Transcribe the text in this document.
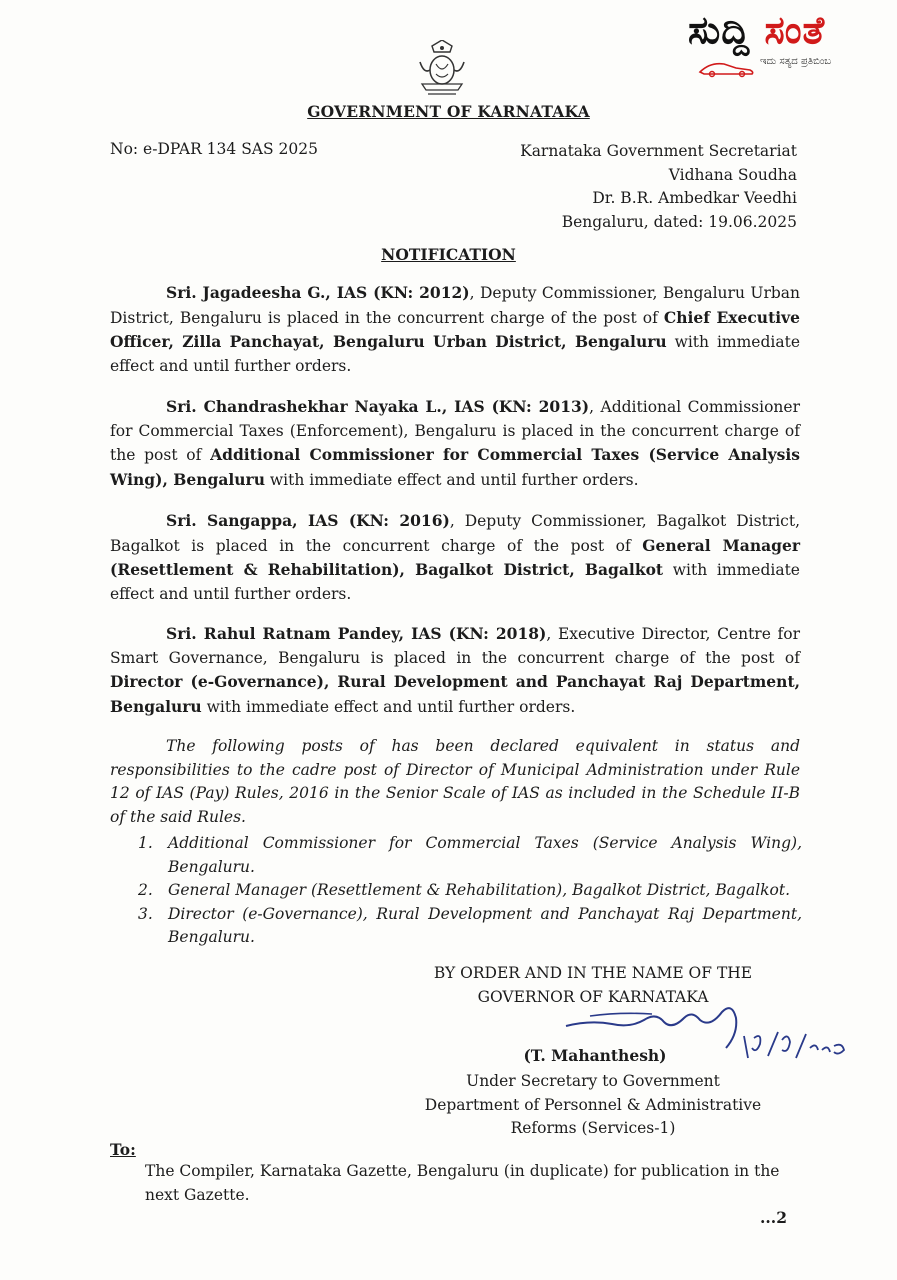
ಸುದ್ದಿ ಸಂತೆ
ಇದು ಸತ್ಯದ ಪ್ರತಿಬಿಂಬ
GOVERNMENT OF KARNATAKA
No: e-DPAR 134 SAS 2025	Karnataka Government Secretariat
Vidhana Soudha
Dr. B.R. Ambedkar Veedhi
Bengaluru, dated: 19.06.2025
NOTIFICATION

Sri. Jagadeesha G., IAS (KN: 2012), Deputy Commissioner, Bengaluru Urban District, Bengaluru is placed in the concurrent charge of the post of Chief Executive Officer, Zilla Panchayat, Bengaluru Urban District, Bengaluru with immediate effect and until further orders.

Sri. Chandrashekhar Nayaka L., IAS (KN: 2013), Additional Commissioner for Commercial Taxes (Enforcement), Bengaluru is placed in the concurrent charge of the post of Additional Commissioner for Commercial Taxes (Service Analysis Wing), Bengaluru with immediate effect and until further orders.

Sri. Sangappa, IAS (KN: 2016), Deputy Commissioner, Bagalkot District, Bagalkot is placed in the concurrent charge of the post of General Manager (Resettlement & Rehabilitation), Bagalkot District, Bagalkot with immediate effect and until further orders.

Sri. Rahul Ratnam Pandey, IAS (KN: 2018), Executive Director, Centre for Smart Governance, Bengaluru is placed in the concurrent charge of the post of Director (e-Governance), Rural Development and Panchayat Raj Department, Bengaluru with immediate effect and until further orders.

The following posts of has been declared equivalent in status and responsibilities to the cadre post of Director of Municipal Administration under Rule 12 of IAS (Pay) Rules, 2016 in the Senior Scale of IAS as included in the Schedule II-B of the said Rules.

1. Additional Commissioner for Commercial Taxes (Service Analysis Wing), Bengaluru.
2. General Manager (Resettlement & Rehabilitation), Bagalkot District, Bagalkot.
3. Director (e-Governance), Rural Development and Panchayat Raj Department, Bengaluru.
BY ORDER AND IN THE NAME OF THE
GOVERNOR OF KARNATAKA
(T. Mahanthesh)
Under Secretary to Government
Department of Personnel & Administrative
Reforms (Services-1)
To:
The Compiler, Karnataka Gazette, Bengaluru (in duplicate) for publication in the next Gazette.
...2
